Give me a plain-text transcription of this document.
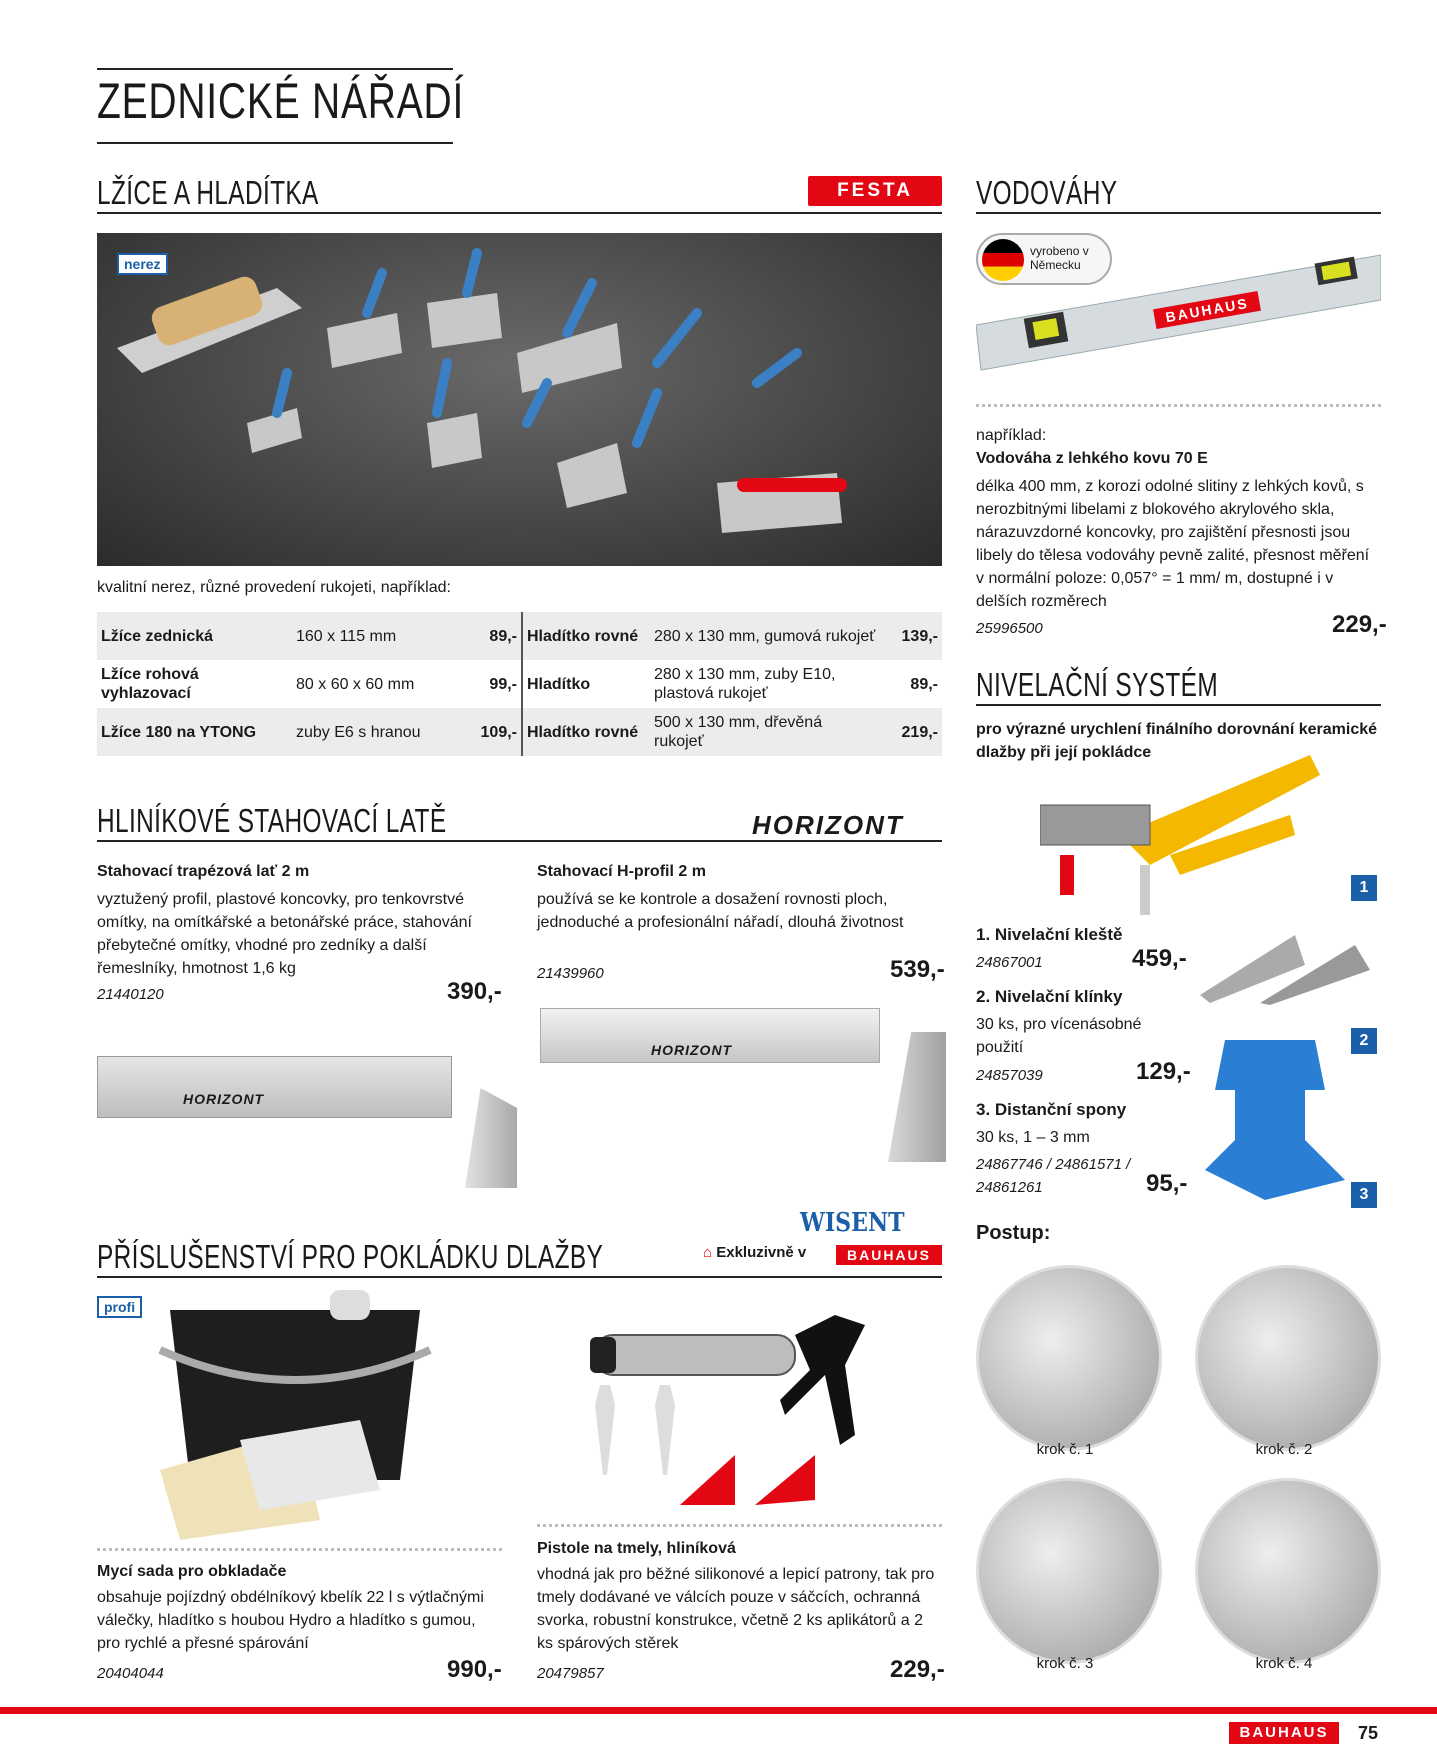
ZEDNICKÉ NÁŘADÍ
LŽÍCE A HLADÍTKA	FESTA
nerez
kvalitní nerez, různé provedení rukojeti, například:
Lžíce zednická	160 x 115 mm	89,-	Hladítko rovné	280 x 130 mm, gumová rukojeť	139,-
Lžíce rohová vyhlazovací	80 x 60 x 60 mm	99,-	Hladítko	280 x 130 mm, zuby E10, plastová rukojeť	89,-
Lžíce 180 na YTONG	zuby E6 s hranou	109,-	Hladítko rovné	500 x 130 mm, dřevěná rukojeť	219,-
HLINÍKOVÉ STAHOVACÍ LATĚ	HORIZONT
Stahovací trapézová lať 2 m
vyztužený profil, plastové koncovky, pro tenkovrstvé omítky, na omítkářské a betonářské práce, stahování přebytečné omítky, vhodné pro zedníky a další řemeslníky, hmotnost 1,6 kg
21440120	390,-
HORIZONT
Stahovací H-profil 2 m
používá se ke kontrole a dosažení rovnosti ploch, jednoduché a profesionální nářadí, dlouhá životnost
21439960	539,-
HORIZONT
WISENT
⌂ Exkluzivně v	BAUHAUS
PŘÍSLUŠENSTVÍ PRO POKLÁDKU DLAŽBY
profi
Mycí sada pro obkladače
obsahuje pojízdný obdélníkový kbelík 22 l s výtlačnými válečky, hladítko s houbou Hydro a hladítko s gumou, pro rychlé a přesné spárování
20404044	990,-
Pistole na tmely, hliníková
vhodná jak pro běžné silikonové a lepicí patrony, tak pro tmely dodávané ve válcích pouze v sáčcích, ochranná svorka, robustní konstrukce, včetně 2 ks aplikátorů a 2 ks spárových stěrek
20479857	229,-
VODOVÁHY
vyrobeno v Německu
BAUHAUS
například:
Vodováha z lehkého kovu 70 E
délka 400 mm, z korozi odolné slitiny z lehkých kovů, s nerozbitnými libelami z blokového akrylového skla, nárazuvzdorné koncovky, pro zajištění přesnosti jsou libely do tělesa vodováhy pevně zalité, přesnost měření v normální poloze: 0,057° = 1 mm/ m, dostupné i v delších rozměrech
25996500	229,-
NIVELAČNÍ SYSTÉM
pro výrazné urychlení finálního dorovnání keramické dlažby při její pokládce
1
1. Nivelační kleště
24867001	459,-
2. Nivelační klínky
30 ks, pro vícenásobné použití
24857039	129,-
2
3. Distanční spony
30 ks, 1 – 3 mm
24867746 / 24861571 / 24861261	95,-	3
Postup:
krok č. 1	krok č. 2
krok č. 3	krok č. 4
BAUHAUS	75
